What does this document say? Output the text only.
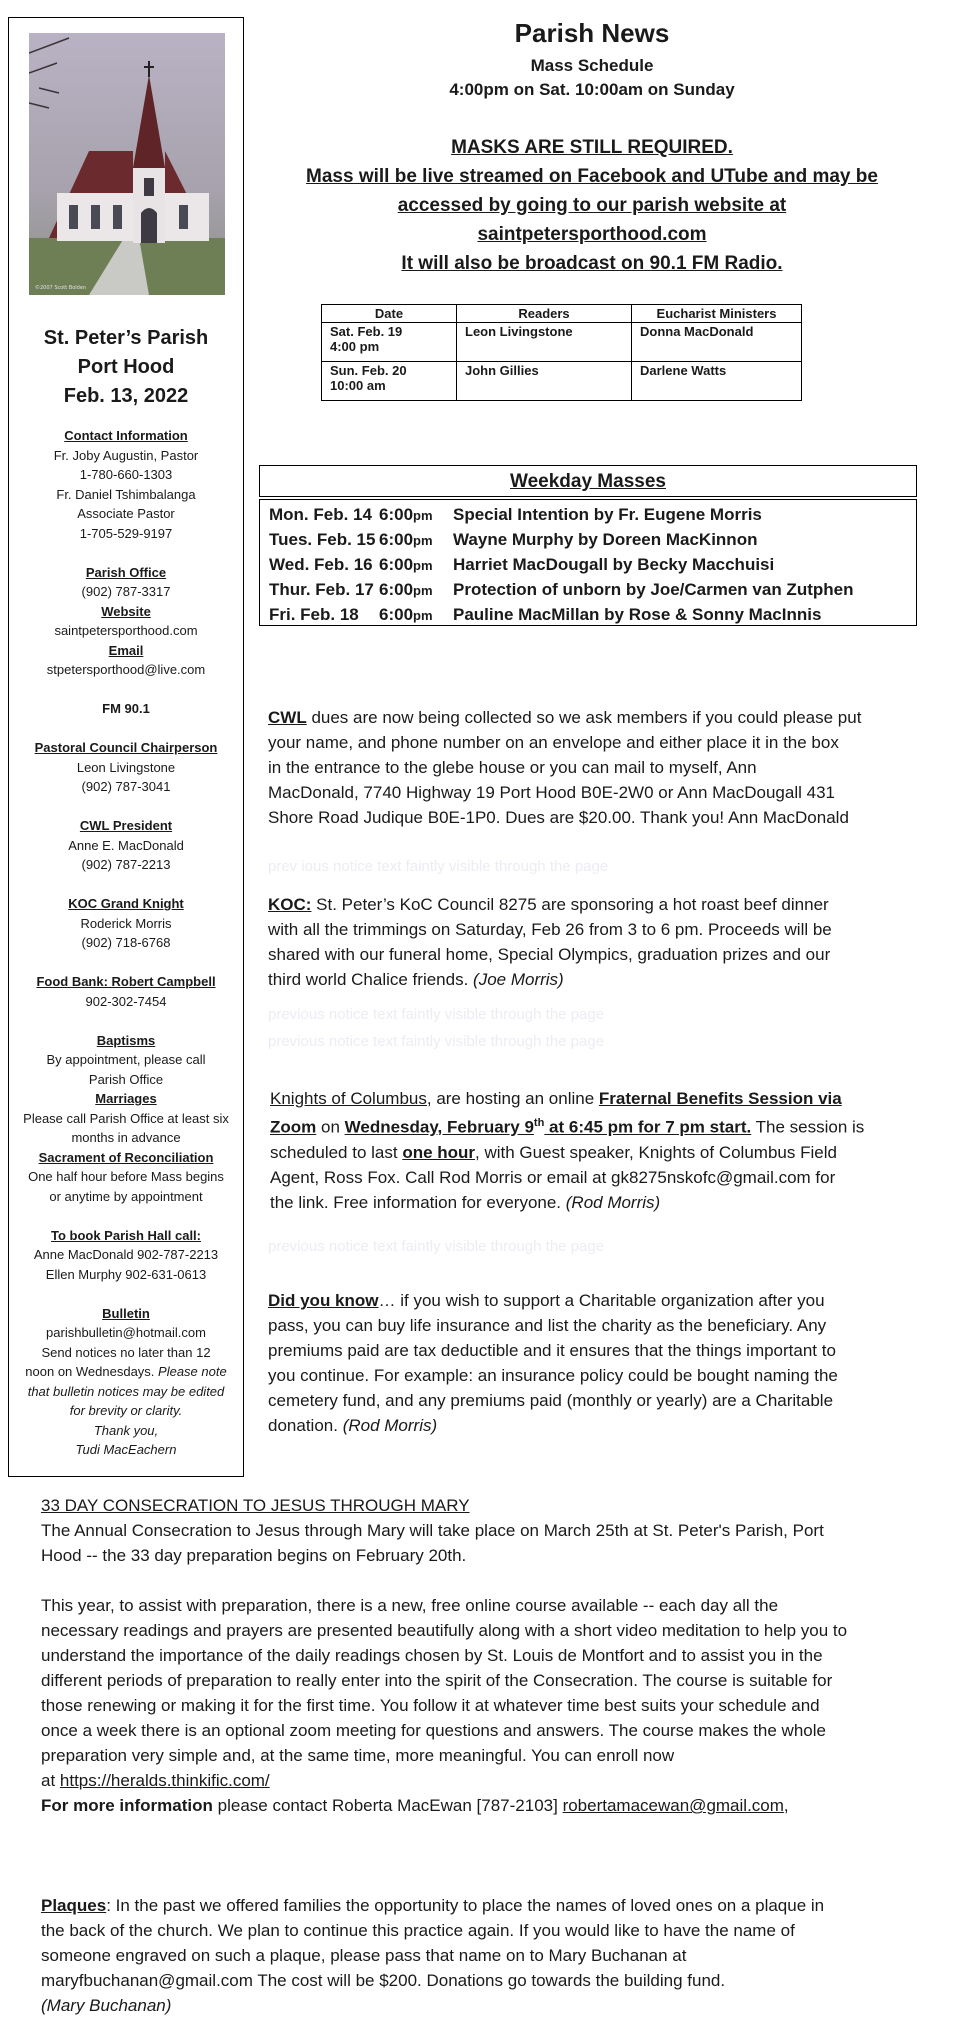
©2007 Scott Bolden
St. Peter’s Parish
Port Hood
Feb. 13, 2022
Contact Information
Fr. Joby Augustin, Pastor
1-780-660-1303
Fr. Daniel Tshimbalanga
Associate Pastor
1-705-529-9197
Parish Office
(902) 787-3317
Website
saintpetersporthood.com
Email
stpetersporthood@live.com
FM 90.1
Pastoral Council Chairperson
Leon Livingstone
(902) 787-3041
CWL President
Anne E. MacDonald
(902) 787-2213
KOC Grand Knight
Roderick Morris
(902) 718-6768
Food Bank: Robert Campbell
902-302-7454
Baptisms
By appointment, please call
Parish Office
Marriages
Please call Parish Office at least six
months in advance
Sacrament of Reconciliation
One half hour before Mass begins
or anytime by appointment
To book Parish Hall call:
Anne MacDonald 902-787-2213
Ellen Murphy 902-631-0613
Bulletin
parishbulletin@hotmail.com
Send notices no later than 12
noon on Wednesdays. Please note
that bulletin notices may be edited
for brevity or clarity.
Thank you,
Tudi MacEachern
Parish News
Mass Schedule
4:00pm on Sat. 10:00am on Sunday
MASKS ARE STILL REQUIRED.
Mass will be live streamed on Facebook and UTube and may be
accessed by going to our parish website at
saintpetersporthood.com
It will also be broadcast on 90.1 FM Radio.
Date	Readers	Eucharist Ministers

Sat. Feb. 19
4:00 pm	Leon Livingstone	Donna MacDonald

Sun. Feb. 20
10:00 am	John Gillies	Darlene Watts
Weekday Masses
Mon. Feb. 14 6:00pm Special Intention by Fr. Eugene Morris
Tues. Feb. 15 6:00pm Wayne Murphy by Doreen MacKinnon
Wed. Feb. 16 6:00pm Harriet MacDougall by Becky Macchuisi
Thur. Feb. 17 6:00pm Protection of unborn by Joe/Carmen van Zutphen
Fri. Feb. 18 6:00pm Pauline MacMillan by Rose & Sonny MacInnis
prev ious notice text faintly visible through the page
previous notice text faintly visible through the page
previous notice text faintly visible through the page
previous notice text faintly visible through the page
CWL dues are now being collected so we ask members if you could please put
your name, and phone number on an envelope and either place it in the box
in the entrance to the glebe house or you can mail to myself, Ann
MacDonald, 7740 Highway 19 Port Hood B0E-2W0 or Ann MacDougall 431
Shore Road Judique B0E-1P0. Dues are $20.00. Thank you! Ann MacDonald
KOC: St. Peter’s KoC Council 8275 are sponsoring a hot roast beef dinner
with all the trimmings on Saturday, Feb 26 from 3 to 6 pm. Proceeds will be
shared with our funeral home, Special Olympics, graduation prizes and our
third world Chalice friends. (Joe Morris)
Knights of Columbus, are hosting an online Fraternal Benefits Session via
Zoom on Wednesday, February 9th at 6:45 pm for 7 pm start. The session is
scheduled to last one hour, with Guest speaker, Knights of Columbus Field
Agent, Ross Fox. Call Rod Morris or email at gk8275nskofc@gmail.com for
the link. Free information for everyone. (Rod Morris)
Did you know… if you wish to support a Charitable organization after you
pass, you can buy life insurance and list the charity as the beneficiary. Any
premiums paid are tax deductible and it ensures that the things important to
you continue. For example: an insurance policy could be bought naming the
cemetery fund, and any premiums paid (monthly or yearly) are a Charitable
donation. (Rod Morris)
33 DAY CONSECRATION TO JESUS THROUGH MARY
The Annual Consecration to Jesus through Mary will take place on March 25th at St. Peter's Parish, Port
Hood -- the 33 day preparation begins on February 20th.

This year, to assist with preparation, there is a new, free online course available -- each day all the
necessary readings and prayers are presented beautifully along with a short video meditation to help you to
understand the importance of the daily readings chosen by St. Louis de Montfort and to assist you in the
different periods of preparation to really enter into the spirit of the Consecration. The course is suitable for
those renewing or making it for the first time. You follow it at whatever time best suits your schedule and
once a week there is an optional zoom meeting for questions and answers. The course makes the whole
preparation very simple and, at the same time, more meaningful. You can enroll now
at https://heralds.thinkific.com/
For more information please contact Roberta MacEwan [787-2103] robertamacewan@gmail.com,
Plaques: In the past we offered families the opportunity to place the names of loved ones on a plaque in
the back of the church. We plan to continue this practice again. If you would like to have the name of
someone engraved on such a plaque, please pass that name on to Mary Buchanan at
maryfbuchanan@gmail.com The cost will be $200. Donations go towards the building fund.
(Mary Buchanan)
